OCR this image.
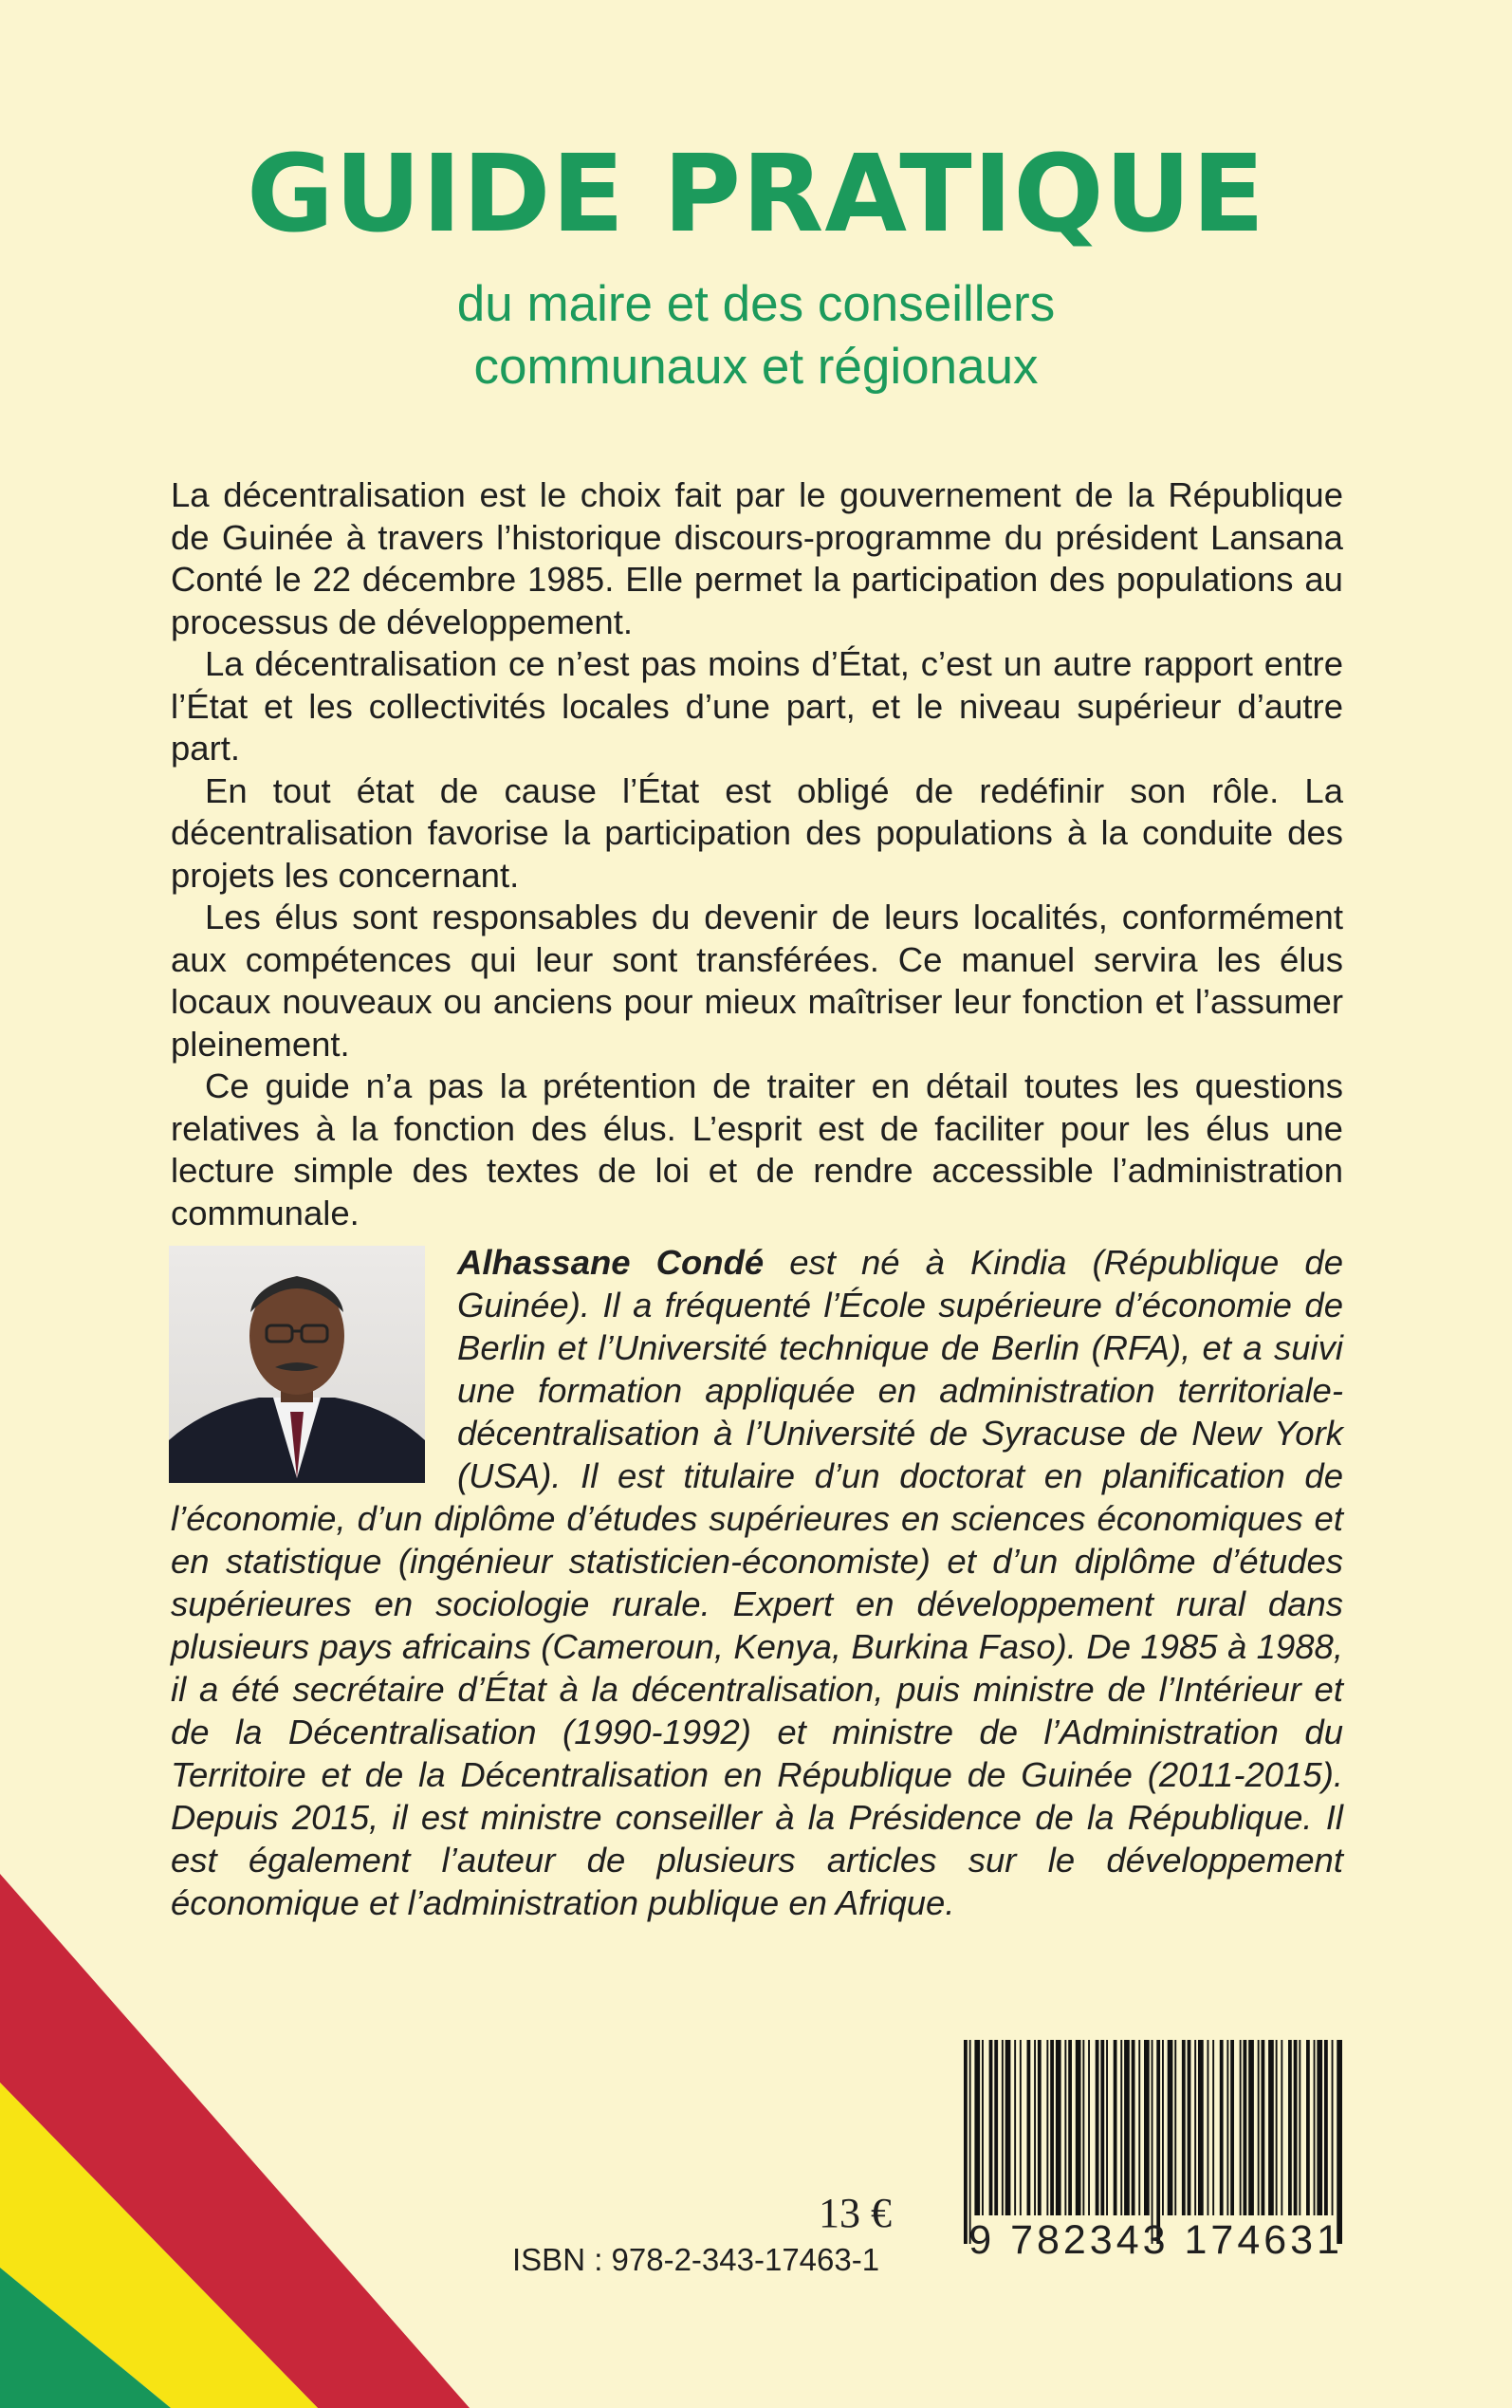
GUIDE PRATIQUE
du maire et des conseillers
communaux et régionaux

La décentralisation est le choix fait par le gouvernement de la République de Guinée à travers l’historique discours-programme du président Lansana Conté le 22 décembre 1985. Elle permet la participation des populations au processus de développement.

La décentralisation ce n’est pas moins d’État, c’est un autre rapport entre l’État et les collectivités locales d’une part, et le niveau supérieur d’autre part.

En tout état de cause l’État est obligé de redéfinir son rôle. La décentralisation favorise la participation des populations à la conduite des projets les concernant.

Les élus sont responsables du devenir de leurs localités, conformément aux compétences qui leur sont transférées. Ce manuel servira les élus locaux nouveaux ou anciens pour mieux maîtriser leur fonction et l’assumer pleinement.

Ce guide n’a pas la prétention de traiter en détail toutes les questions relatives à la fonction des élus. L’esprit est de faciliter pour les élus une lecture simple des textes de loi et de rendre accessible l’administration communale.

Alhassane Condé est né à Kindia (République de Guinée). Il a fréquenté l’École supérieure d’économie de Berlin et l’Université technique de Berlin (RFA), et a suivi une formation appliquée en administration territoriale-décentralisation à l’Université de Syracuse de New York (USA). Il est titulaire d’un doctorat en planification de l’économie, d’un diplôme d’études supérieures en sciences économiques et en statistique (ingénieur statisticien-économiste) et d’un diplôme d’études supérieures en sociologie rurale. Expert en développement rural dans plusieurs pays africains (Cameroun, Kenya, Burkina Faso). De 1985 à 1988, il a été secrétaire d’État à la décentralisation, puis ministre de l’Intérieur et de la Décentralisation (1990-1992) et ministre de l’Administration du Territoire et de la Décentralisation en République de Guinée (2011-2015). Depuis 2015, il est ministre conseiller à la Présidence de la République. Il est également l’auteur de plusieurs articles sur le développement économique et l’administration publique en Afrique.
13 €
ISBN : 978-2-343-17463-1	9 782343 174631
